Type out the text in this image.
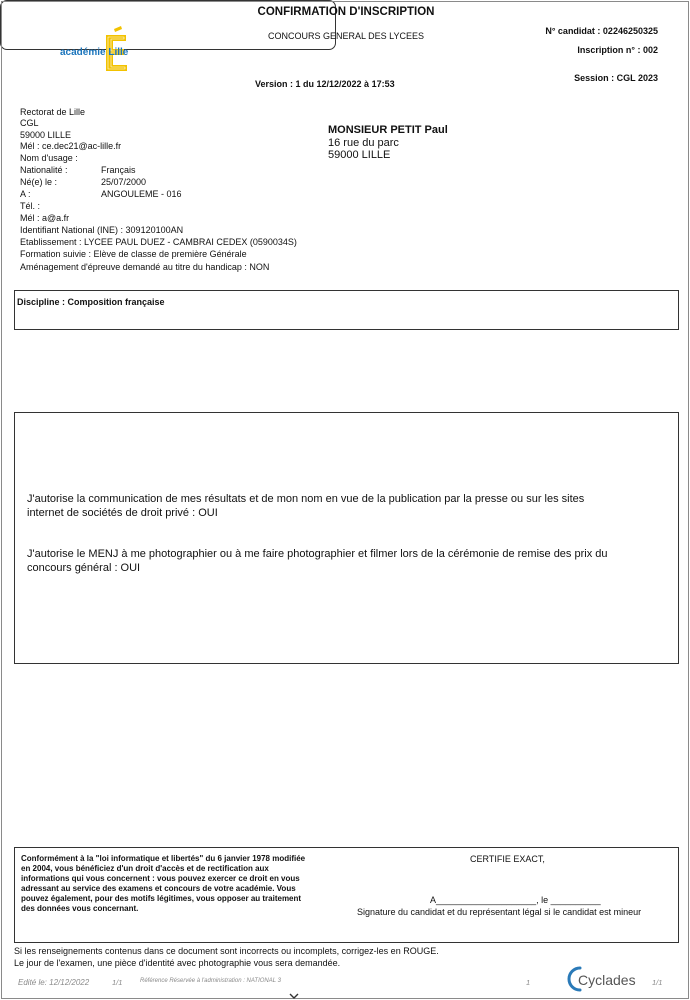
académie Lille
CONFIRMATION D'INSCRIPTION
CONCOURS GENERAL DES LYCEES
Version : 1 du 12/12/2022 à 17:53
N° candidat : 02246250325
Inscription n° : 002
Session : CGL 2023
Rectorat de Lille
CGL
59000 LILLE
Mél : ce.dec21@ac-lille.fr
MONSIEUR PETIT Paul
16 rue du parc
59000 LILLE
Nom d'usage :
Nationalité :	Français
Né(e) le :	25/07/2000
A :	ANGOULEME - 016
Tél. :
Mél : a@a.fr
Identifiant National (INE) : 309120100AN
Etablissement : LYCEE PAUL DUEZ - CAMBRAI CEDEX (0590034S)
Formation suivie : Elève de classe de première Générale
Aménagement d'épreuve demandé au titre du handicap : NON
Discipline : Composition française
J'autorise la communication de mes résultats et de mon nom en vue de la publication par la presse ou sur les sites
internet de sociétés de droit privé : OUI
J'autorise le MENJ à me photographier ou à me faire photographier et filmer lors de la cérémonie de remise des prix du
concours général : OUI
Conformément à la "loi informatique et libertés" du 6 janvier 1978 modifiée
en 2004, vous bénéficiez d'un droit d'accès et de rectification aux
informations qui vous concernent : vous pouvez exercer ce droit en vous
adressant au service des examens et concours de votre académie. Vous
pouvez également, pour des motifs légitimes, vous opposer au traitement
des données vous concernant.
CERTIFIE EXACT,
A____________________, le __________
Signature du candidat et du représentant légal si le candidat est mineur
Si les renseignements contenus dans ce document sont incorrects ou incomplets, corrigez-les en ROUGE.
Le jour de l'examen, une pièce d'identité avec photographie vous sera demandée.
Edité le: 12/12/2022	1/1	Référence Réservée à l'administration : NATIONAL 3	1	1/1
Cyclades
